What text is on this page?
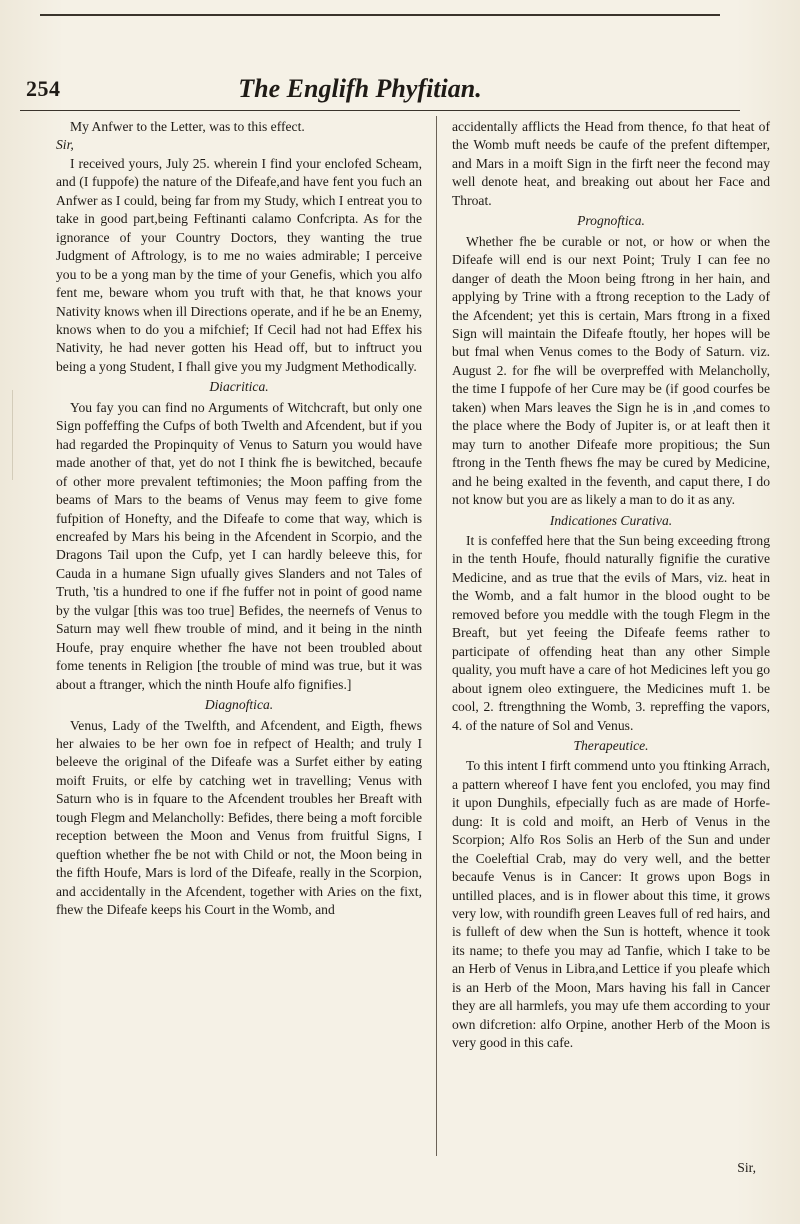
254	The Englifh Phyfitian.

My Anfwer to the Letter, was to this effect.

Sir,

I received yours, July 25. wherein I find your enclofed Scheam, and (I fuppofe) the nature of the Difeafe,and have fent you fuch an Anfwer as I could, being far from my Study, which I entreat you to take in good part,being Feftinanti calamo Confcripta. As for the ignorance of your Country Doctors, they wanting the true Judgment of Aftrology, is to me no waies admirable; I perceive you to be a yong man by the time of your Genefis, which you alfo fent me, beware whom you truft with that, he that knows your Nativity knows when ill Directions operate, and if he be an Enemy, knows when to do you a mifchief; If Cecil had not had Effex his Nativity, he had never gotten his Head off, but to inftruct you being a yong Student, I fhall give you my Judgment Methodically.

Diacritica.

You fay you can find no Arguments of Witchcraft, but only one Sign poffeffing the Cufps of both Twelth and Afcendent, but if you had regarded the Propinquity of Venus to Saturn you would have made another of that, yet do not I think fhe is bewitched, becaufe of other more prevalent teftimonies; the Moon paffing from the beams of Mars to the beams of Venus may feem to give fome fufpition of Honefty, and the Difeafe to come that way, which is encreafed by Mars his being in the Afcendent in Scorpio, and the Dragons Tail upon the Cufp, yet I can hardly beleeve this, for Cauda in a humane Sign ufually gives Slanders and not Tales of Truth, 'tis a hundred to one if fhe fuffer not in point of good name by the vulgar [this was too true] Befides, the neernefs of Venus to Saturn may well fhew trouble of mind, and it being in the ninth Houfe, pray enquire whether fhe have not been troubled about fome tenents in Religion [the trouble of mind was true, but it was about a ftranger, which the ninth Houfe alfo fignifies.]

Diagnoftica.

Venus, Lady of the Twelfth, and Afcendent, and Eigth, fhews her alwaies to be her own foe in refpect of Health; and truly I beleeve the original of the Difeafe was a Surfet either by eating moift Fruits, or elfe by catching wet in travelling; Venus with Saturn who is in fquare to the Afcendent troubles her Breaft with tough Flegm and Melancholly: Befides, there being a moft forcible reception between the Moon and Venus from fruitful Signs, I queftion whether fhe be not with Child or not, the Moon being in the fifth Houfe, Mars is lord of the Difeafe, really in the Scorpion, and accidentally in the Afcendent, together with Aries on the fixt, fhew the Difeafe keeps his Court in the Womb, and

accidentally afflicts the Head from thence, fo that heat of the Womb muft needs be caufe of the prefent diftemper, and Mars in a moift Sign in the firft neer the fecond may well denote heat, and breaking out about her Face and Throat.

Prognoftica.

Whether fhe be curable or not, or how or when the Difeafe will end is our next Point; Truly I can fee no danger of death the Moon being ftrong in her hain, and applying by Trine with a ftrong reception to the Lady of the Afcendent; yet this is certain, Mars ftrong in a fixed Sign will maintain the Difeafe ftoutly, her hopes will be but fmal when Venus comes to the Body of Saturn. viz. August 2. for fhe will be overpreffed with Melancholly, the time I fuppofe of her Cure may be (if good courfes be taken) when Mars leaves the Sign he is in ,and comes to the place where the Body of Jupiter is, or at leaft then it may turn to another Difeafe more propitious; the Sun ftrong in the Tenth fhews fhe may be cured by Medicine, and he being exalted in the feventh, and caput there, I do not know but you are as likely a man to do it as any.

Indicationes Curativa.

It is confeffed here that the Sun being exceeding ftrong in the tenth Houfe, fhould naturally fignifie the curative Medicine, and as true that the evils of Mars, viz. heat in the Womb, and a falt humor in the blood ought to be removed before you meddle with the tough Flegm in the Breaft, but yet feeing the Difeafe feems rather to participate of offending heat than any other Simple quality, you muft have a care of hot Medicines left you go about ignem oleo extinguere, the Medicines muft 1. be cool, 2. ftrengthning the Womb, 3. repreffing the vapors, 4. of the nature of Sol and Venus.

Therapeutice.

To this intent I firft commend unto you ftinking Arrach, a pattern whereof I have fent you enclofed, you may find it upon Dunghils, efpecially fuch as are made of Horfe-dung: It is cold and moift, an Herb of Venus in the Scorpion; Alfo Ros Solis an Herb of the Sun and under the Coeleftial Crab, may do very well, and the better becaufe Venus is in Cancer: It grows upon Bogs in untilled places, and is in flower about this time, it grows very low, with roundifh green Leaves full of red hairs, and is fulleft of dew when the Sun is hotteft, whence it took its name; to thefe you may ad Tanfie, which I take to be an Herb of Venus in Libra,and Lettice if you pleafe which is an Herb of the Moon, Mars having his fall in Cancer they are all harmlefs, you may ufe them according to your own difcretion: alfo Orpine, another Herb of the Moon is very good in this cafe.

Sir,
